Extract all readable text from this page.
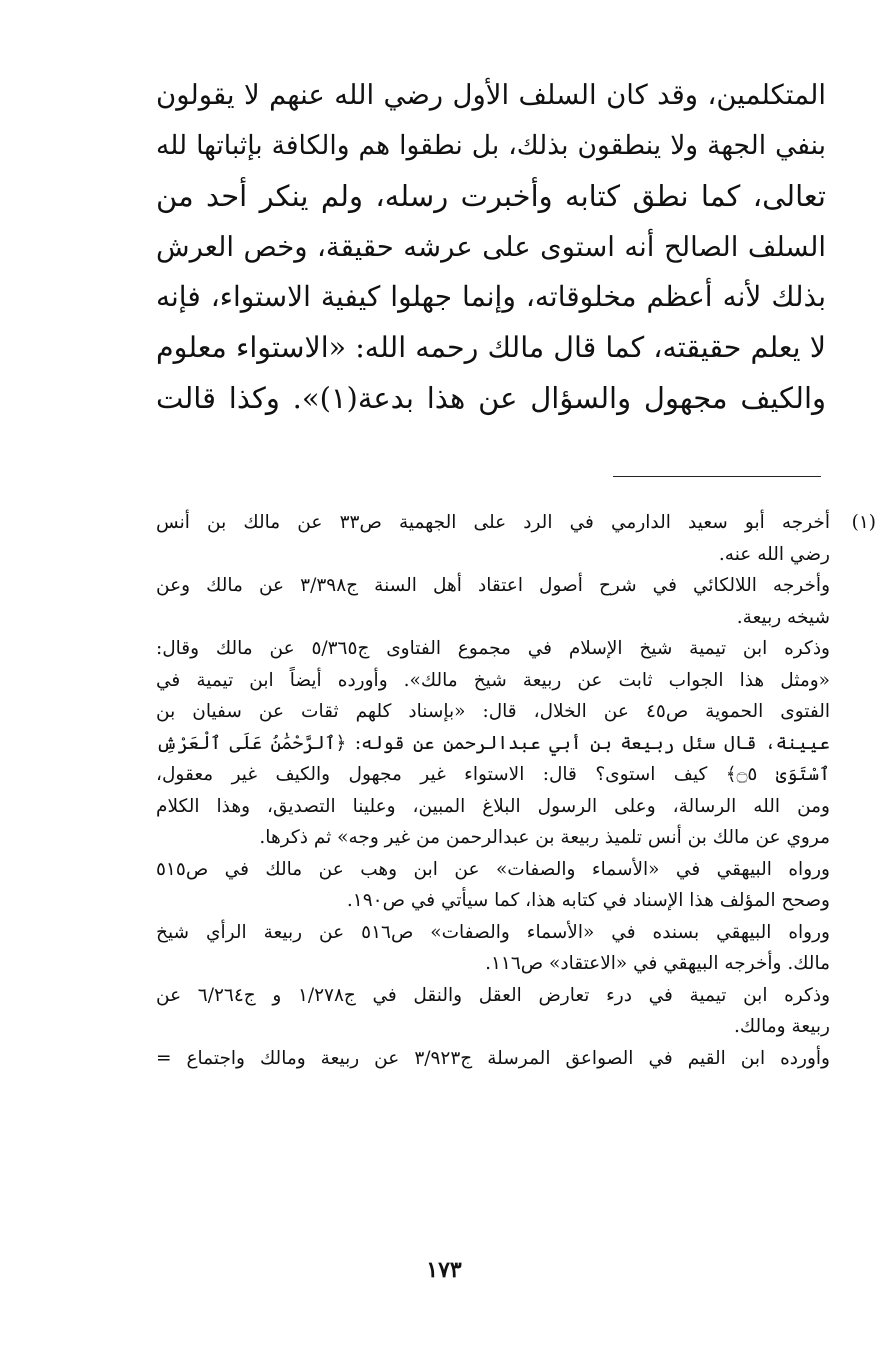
المتكلمين، وقد كان السلف الأول رضي الله عنهم لا يقولون
بنفي الجهة ولا ينطقون بذلك، بل نطقوا هم والكافة بإثباتها لله
تعالى، كما نطق كتابه وأخبرت رسله، ولم ينكر أحد من
السلف الصالح أنه استوى على عرشه حقيقة، وخص العرش
بذلك لأنه أعظم مخلوقاته، وإنما جهلوا كيفية الاستواء، فإنه
لا يعلم حقيقته، كما قال مالك رحمه الله: «الاستواء معلوم
والكيف مجهول والسؤال عن هذا بدعة(١)». وكذا قالت
(١)
أخرجه أبو سعيد الدارمي في الرد على الجهمية ص٣٣ عن مالك بن أنس
رضي الله عنه.
وأخرجه اللالكائي في شرح أصول اعتقاد أهل السنة ج٣/٣٩٨ عن مالك وعن
شيخه ربيعة.
وذكره ابن تيمية شيخ الإسلام في مجموع الفتاوى ج٥/٣٦٥ عن مالك وقال:
«ومثل هذا الجواب ثابت عن ربيعة شيخ مالك». وأورده أيضاً ابن تيمية في
الفتوى الحموية ص٤٥ عن الخلال، قال: «بإسناد كلهم ثقات عن سفيان بن
عيينة، قال سئل ربيعة بن أبي عبدالرحمن عن قوله: ﴿ٱلرَّحْمَٰنُ عَلَى ٱلْعَرْشِ
ٱسْتَوَىٰ ۝٥﴾ كيف استوى؟ قال: الاستواء غير مجهول والكيف غير معقول،
ومن الله الرسالة، وعلى الرسول البلاغ المبين، وعلينا التصديق، وهذا الكلام
مروي عن مالك بن أنس تلميذ ربيعة بن عبدالرحمن من غير وجه» ثم ذكرها.
ورواه البيهقي في «الأسماء والصفات» عن ابن وهب عن مالك في ص٥١٥
وصحح المؤلف هذا الإسناد في كتابه هذا، كما سيأتي في ص١٩٠.
ورواه البيهقي بسنده في «الأسماء والصفات» ص٥١٦ عن ربيعة الرأي شيخ
مالك. وأخرجه البيهقي في «الاعتقاد» ص١١٦.
وذكره ابن تيمية في درء تعارض العقل والنقل في ج١/٢٧٨ و ج٦/٢٦٤ عن
ربيعة ومالك.
وأورده ابن القيم في الصواعق المرسلة ج٣/٩٢٣ عن ربيعة ومالك واجتماع =
١٧٣
